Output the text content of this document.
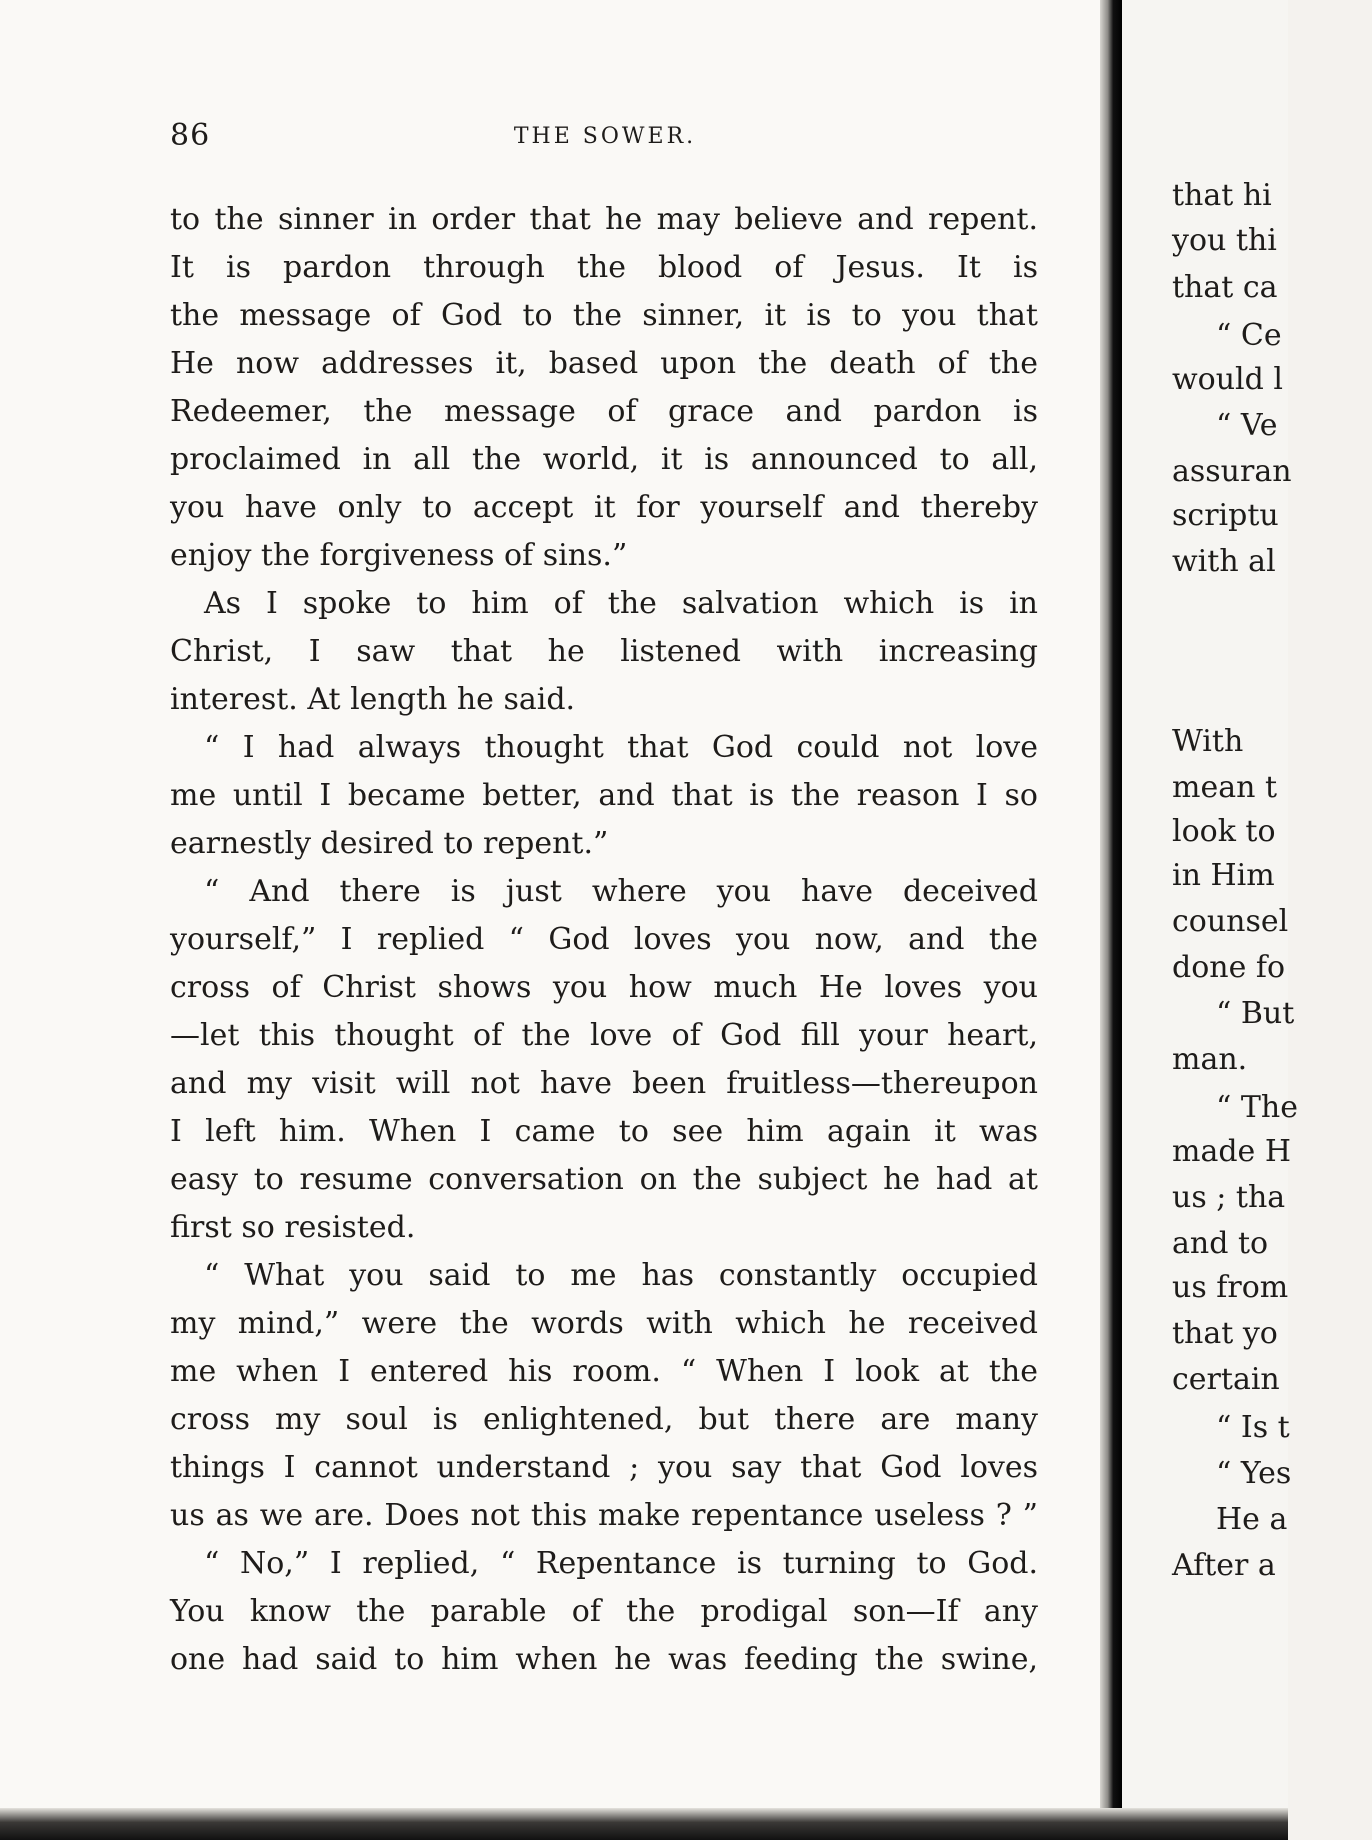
86	THE SOWER.
to the sinner in order that he may believe and repent.
It is pardon through the blood of Jesus. It is
the message of God to the sinner, it is to you that
He now addresses it, based upon the death of the
Redeemer, the message of grace and pardon is
proclaimed in all the world, it is announced to all,
you have only to accept it for yourself and thereby
enjoy the forgiveness of sins.”
As I spoke to him of the salvation which is in
Christ, I saw that he listened with increasing
interest. At length he said.
“ I had always thought that God could not love
me until I became better, and that is the reason I so
earnestly desired to repent.”
“ And there is just where you have deceived
yourself,” I replied “ God loves you now, and the
cross of Christ shows you how much He loves you
—let this thought of the love of God fill your heart,
and my visit will not have been fruitless—thereupon
I left him. When I came to see him again it was
easy to resume conversation on the subject he had at
first so resisted.
“ What you said to me has constantly occupied
my mind,” were the words with which he received
me when I entered his room. “ When I look at the
cross my soul is enlightened, but there are many
things I cannot understand ; you say that God loves
us as we are. Does not this make repentance useless ? ”
“ No,” I replied, “ Repentance is turning to God.
You know the parable of the prodigal son—If any
one had said to him when he was feeding the swine,
that hi
you thi
that ca
“ Ce
would l
“ Ve
assuran
scriptu
with al
With
mean t
look to
in Him
counsel
done fo
“ But
man.
“ The
made H
us ; tha
and to
us from
that yo
certain
“ Is t
“ Yes
He a
After a
